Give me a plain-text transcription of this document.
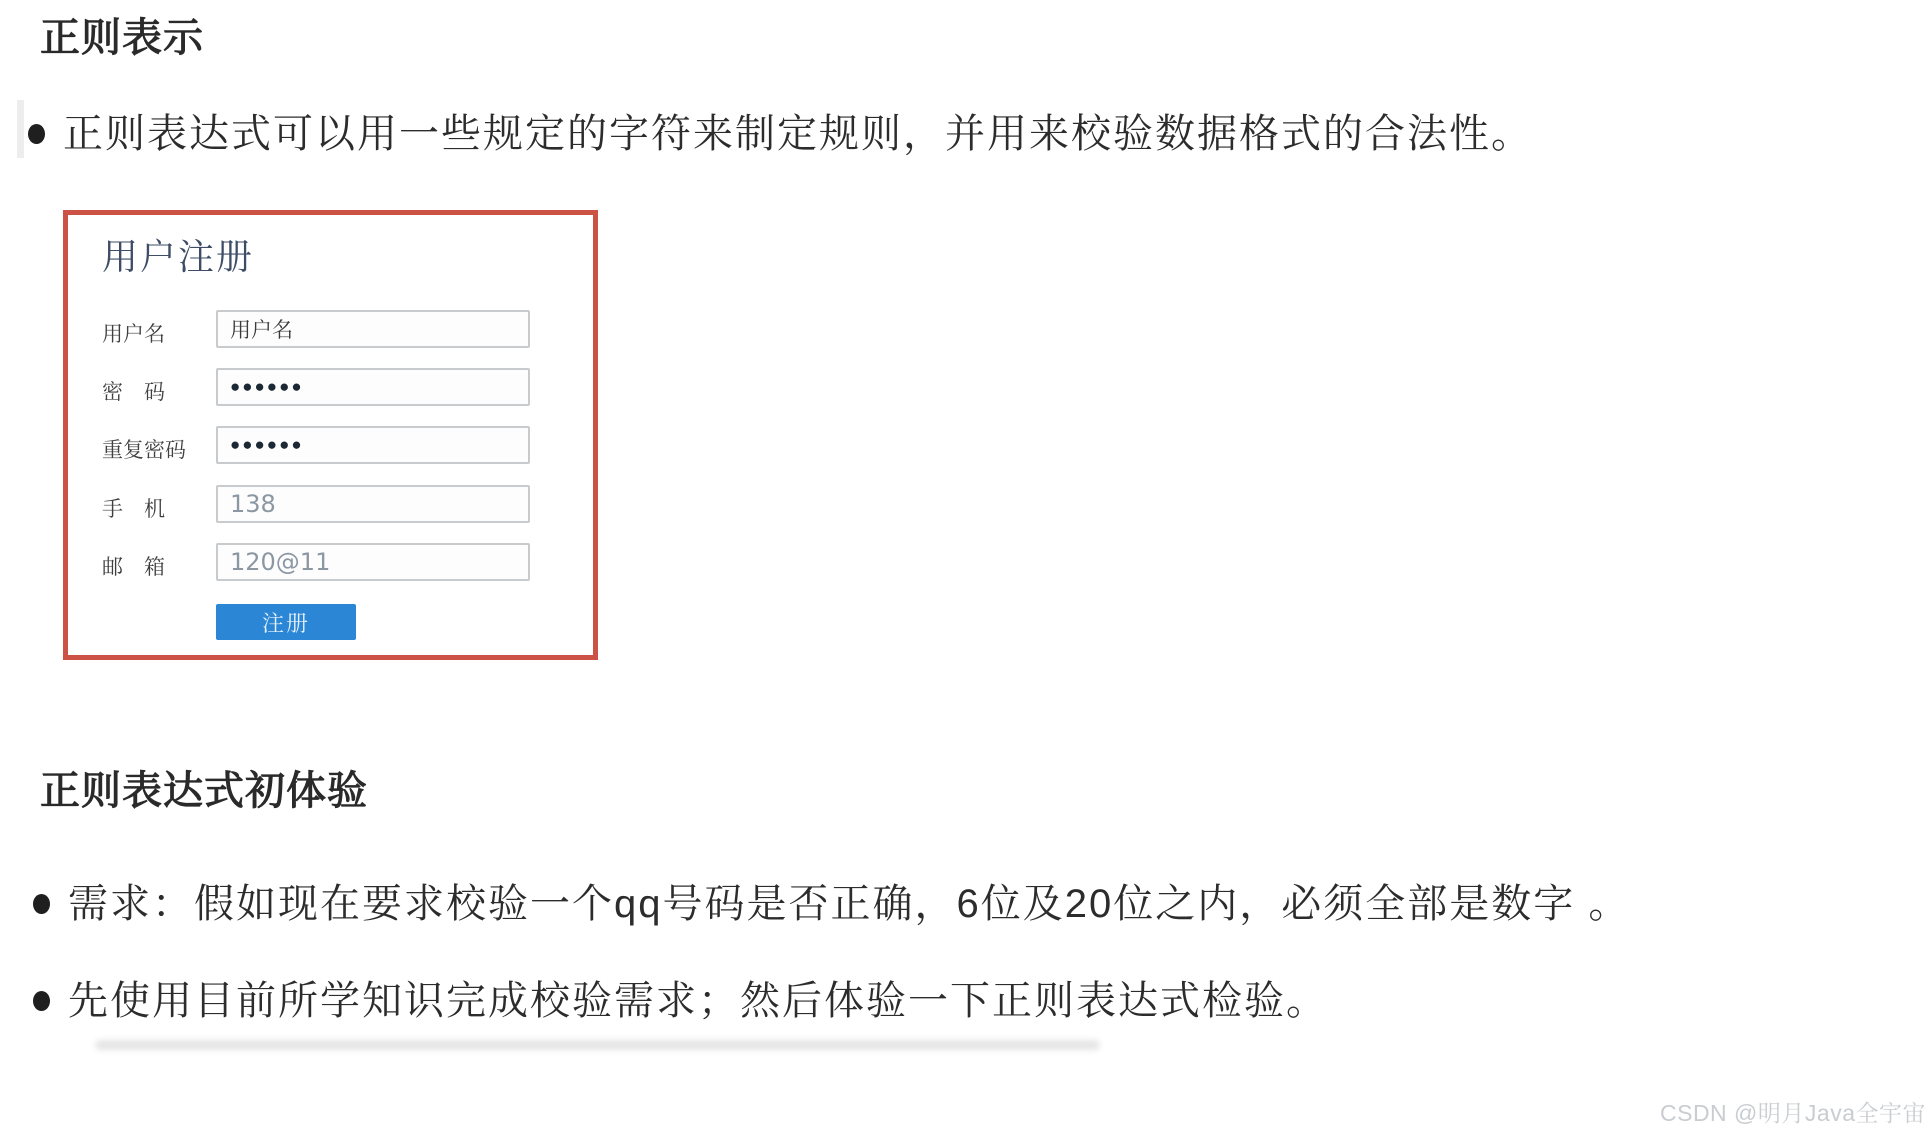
正则表示
正则表达式可以用一些规定的字符来制定规则，并用来校验数据格式的合法性。
用户注册
用户名
用户名
密　码
●●●●●●
重复密码
●●●●●●
手　机
138
邮　箱
120@11
注册
正则表达式初体验
需求：假如现在要求校验一个qq号码是否正确，6位及20位之内，必须全部是数字 。
先使用目前所学知识完成校验需求；然后体验一下正则表达式检验。
CSDN @明月Java全宇宙
